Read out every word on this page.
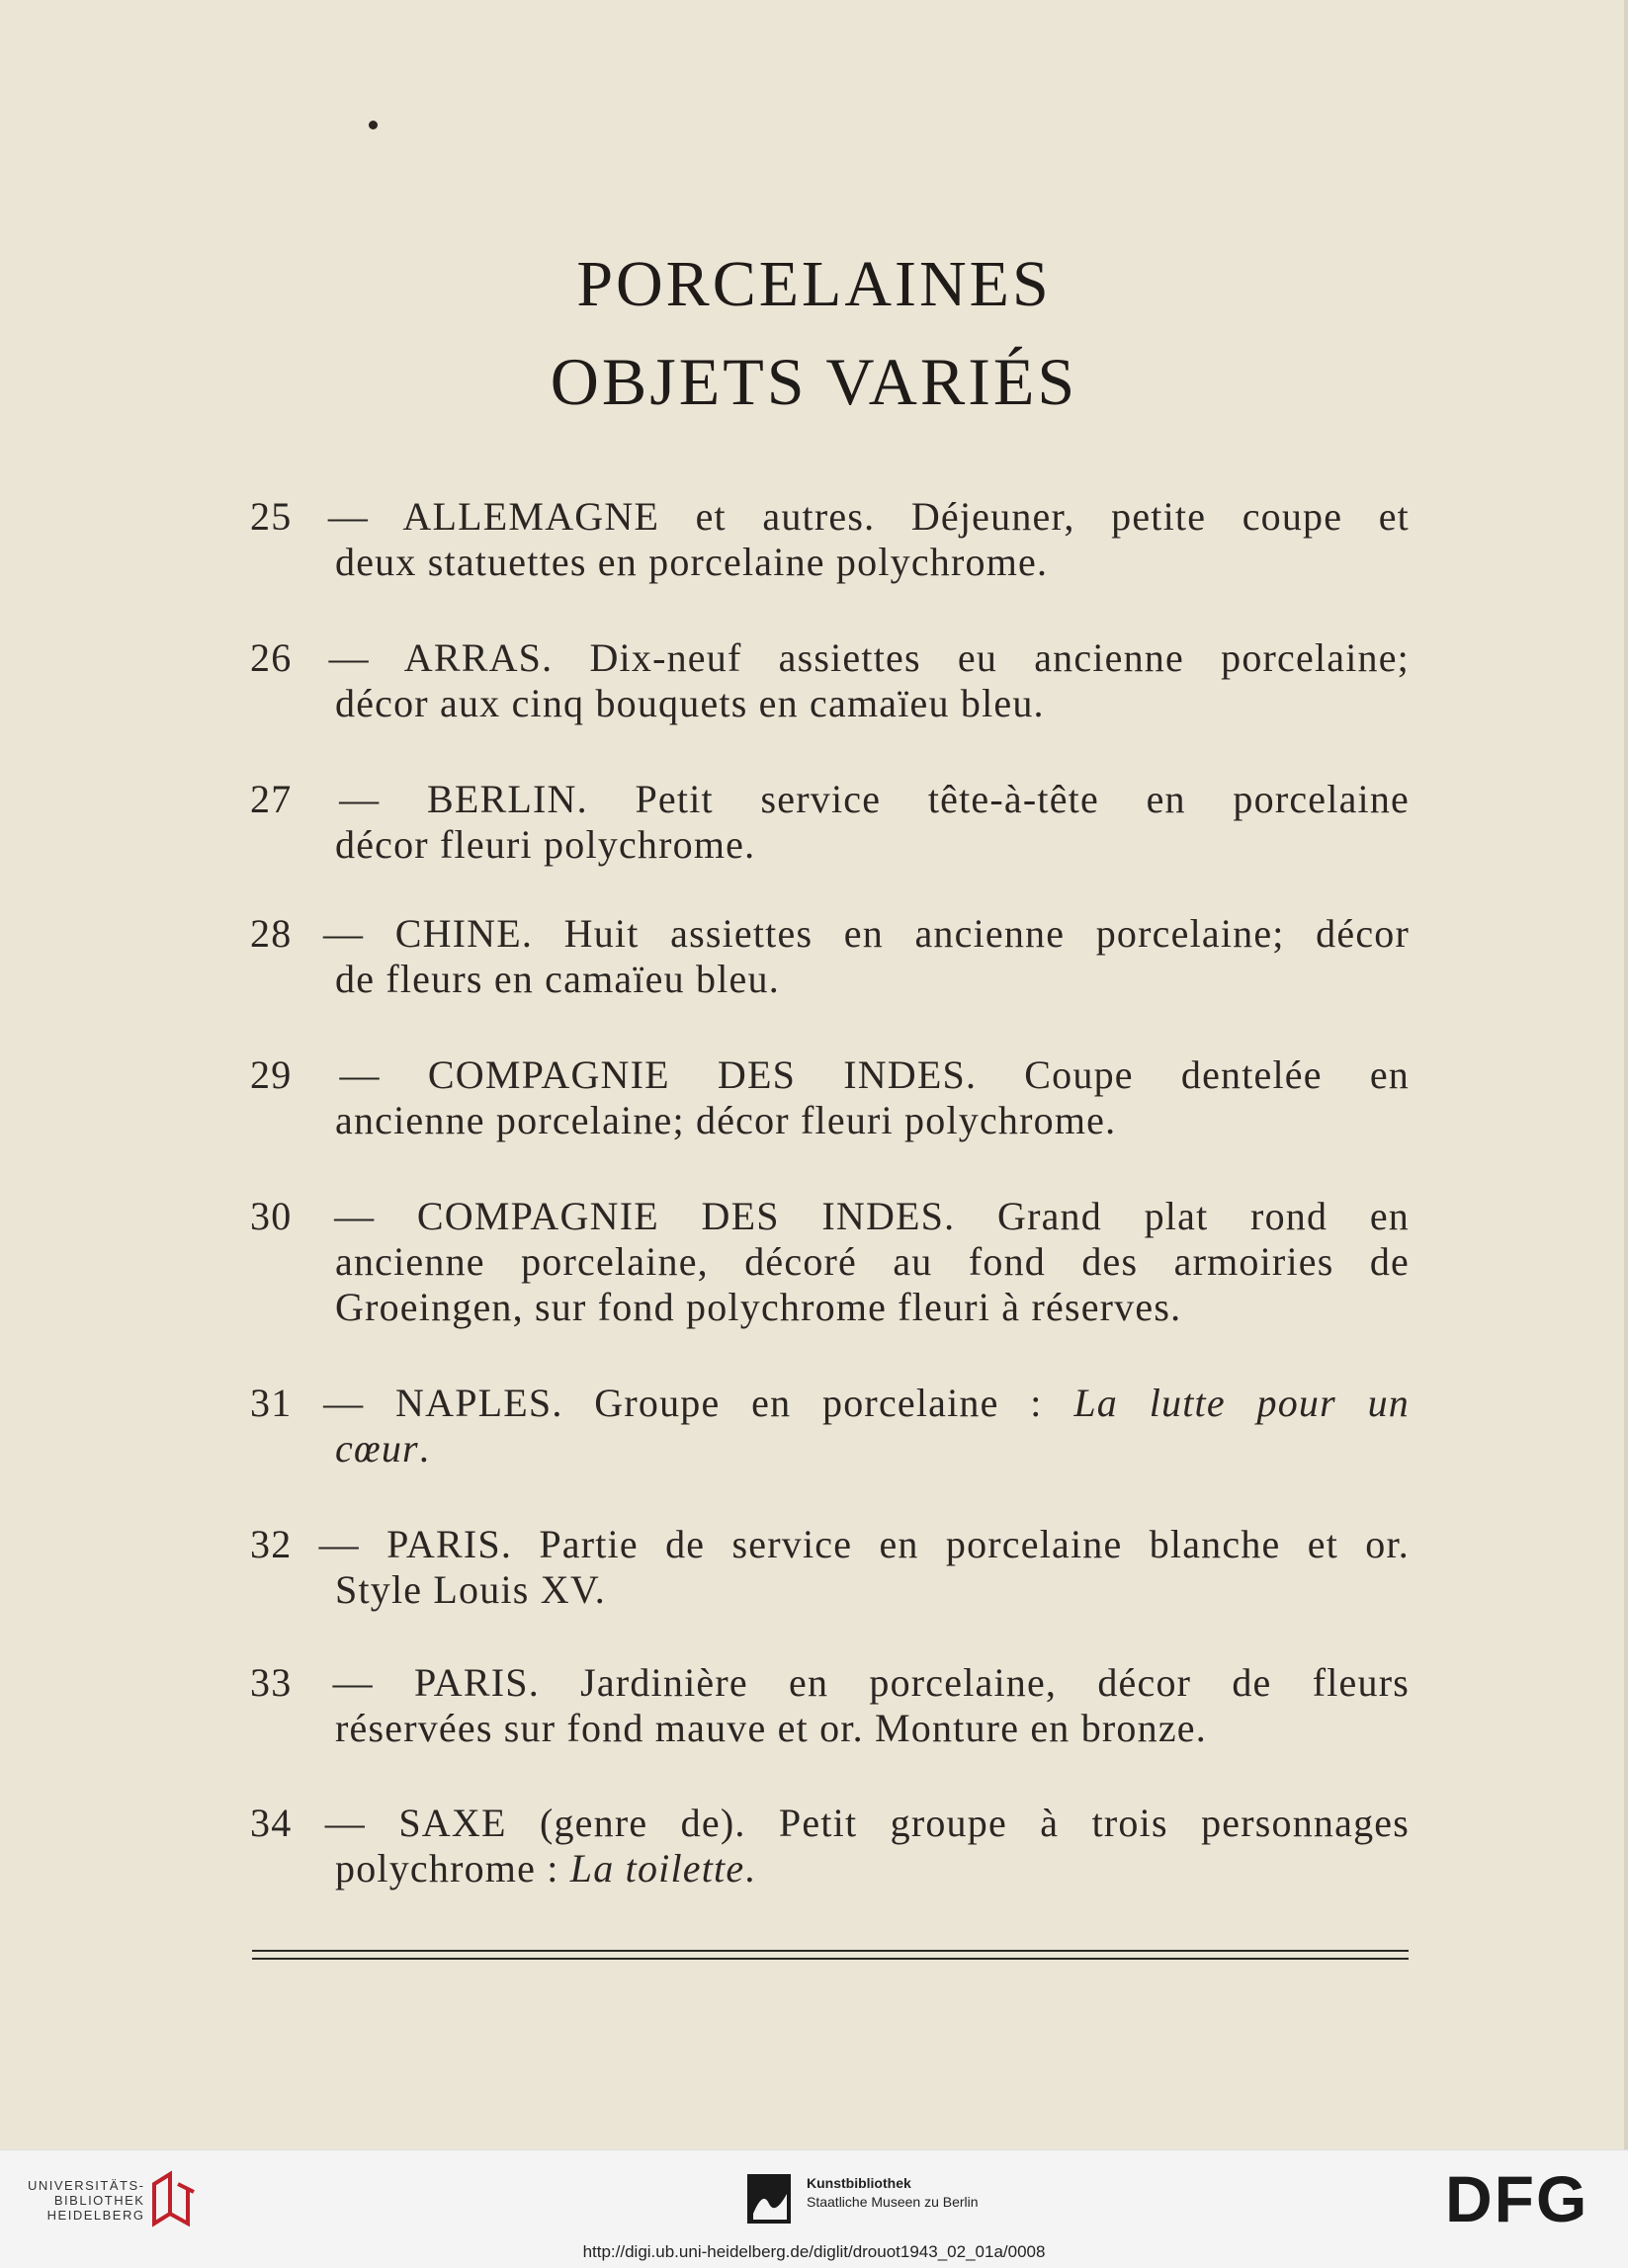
PORCELAINES
OBJETS VARIÉS
25 — ALLEMAGNE et autres. Déjeuner, petite coupe et
deux statuettes en porcelaine polychrome.
26 — ARRAS. Dix-neuf assiettes eu ancienne porcelaine;
décor aux cinq bouquets en camaïeu bleu.
27 — BERLIN. Petit service tête-à-tête en porcelaine
décor fleuri polychrome.
28 — CHINE. Huit assiettes en ancienne porcelaine; décor
de fleurs en camaïeu bleu.
29 — COMPAGNIE DES INDES. Coupe dentelée en
ancienne porcelaine; décor fleuri polychrome.
30 — COMPAGNIE DES INDES. Grand plat rond en
ancienne porcelaine, décoré au fond des armoiries de
Groeingen, sur fond polychrome fleuri à réserves.
31 — NAPLES. Groupe en porcelaine : La lutte pour un
cœur.
32 — PARIS. Partie de service en porcelaine blanche et or.
Style Louis XV.
33 — PARIS. Jardinière en porcelaine, décor de fleurs
réservées sur fond mauve et or. Monture en bronze.
34 — SAXE (genre de). Petit groupe à trois personnages
polychrome : La toilette.
UNIVERSITÄTS-
BIBLIOTHEK
HEIDELBERG
Kunstbibliothek
Staatliche Museen zu Berlin	DFG
http://digi.ub.uni-heidelberg.de/diglit/drouot1943_02_01a/0008
